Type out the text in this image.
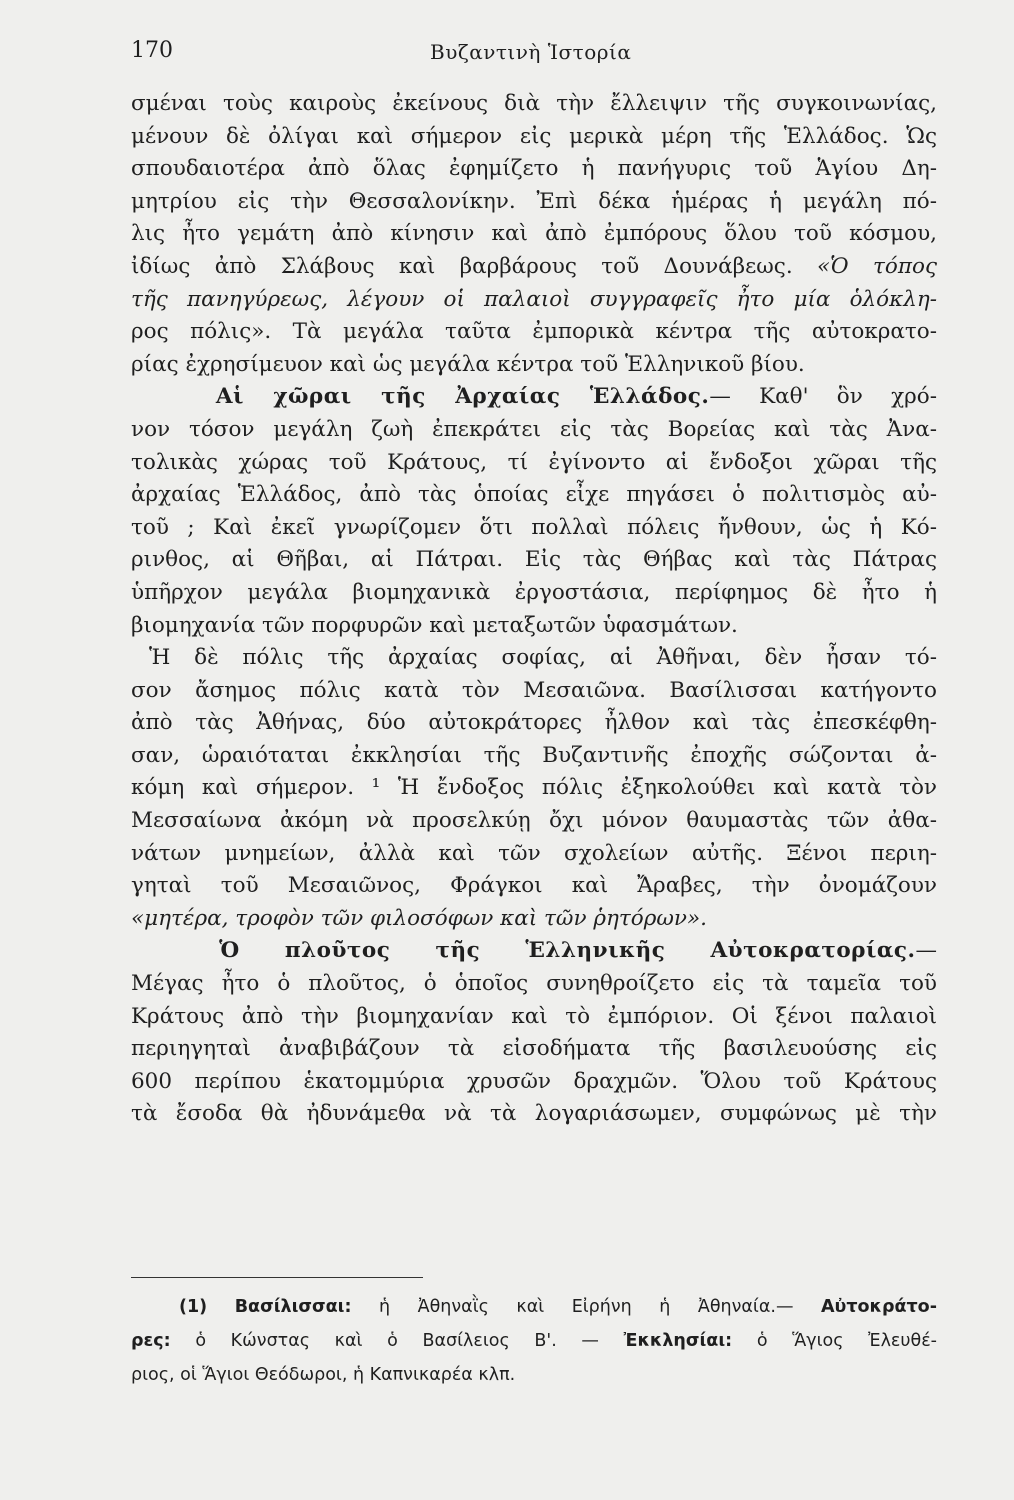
170	Βυζαντινὴ Ἱστορία
σμέναι τοὺς καιροὺς ἐκείνους διὰ τὴν ἔλλειψιν τῆς συγκοινωνίας,
μένουν δὲ ὀλίγαι καὶ σήμερον εἰς μερικὰ μέρη τῆς Ἑλλάδος. Ὡς
σπουδαιοτέρα ἀπὸ ὅλας ἐφημίζετο ἡ πανήγυρις τοῦ Ἁγίου Δη-
μητρίου εἰς τὴν Θεσσαλονίκην. Ἐπὶ δέκα ἡμέρας ἡ μεγάλη πό-
λις ἦτο γεμάτη ἀπὸ κίνησιν καὶ ἀπὸ ἐμπόρους ὅλου τοῦ κόσμου,
ἰδίως ἀπὸ Σλάβους καὶ βαρβάρους τοῦ Δουνάβεως. «Ὁ τόπος
τῆς πανηγύρεως, λέγουν οἱ παλαιοὶ συγγραφεῖς ἦτο μία ὁλόκλη-
ρος πόλις». Τὰ μεγάλα ταῦτα ἐμπορικὰ κέντρα τῆς αὐτοκρατο-
ρίας ἐχρησίμευον καὶ ὡς μεγάλα κέντρα τοῦ Ἑλληνικοῦ βίου.
Αἱ χῶραι τῆς Ἀρχαίας Ἑλλάδος.— Καθ' ὃν χρό-
νον τόσον μεγάλη ζωὴ ἐπεκράτει εἰς τὰς Βορείας καὶ τὰς Ἀνα-
τολικὰς χώρας τοῦ Κράτους, τί ἐγίνοντο αἱ ἔνδοξοι χῶραι τῆς
ἀρχαίας Ἑλλάδος, ἀπὸ τὰς ὁποίας εἶχε πηγάσει ὁ πολιτισμὸς αὐ-
τοῦ ; Καὶ ἐκεῖ γνωρίζομεν ὅτι πολλαὶ πόλεις ἤνθουν, ὡς ἡ Κό-
ρινθος, αἱ Θῆβαι, αἱ Πάτραι. Εἰς τὰς Θήβας καὶ τὰς Πάτρας
ὑπῆρχον μεγάλα βιομηχανικὰ ἐργοστάσια, περίφημος δὲ ἦτο ἡ
βιομηχανία τῶν πορφυρῶν καὶ μεταξωτῶν ὑφασμάτων.
Ἡ δὲ πόλις τῆς ἀρχαίας σοφίας, αἱ Ἀθῆναι, δὲν ἦσαν τό-
σον ἄσημος πόλις κατὰ τὸν Μεσαιῶνα. Βασίλισσαι κατήγοντο
ἀπὸ τὰς Ἀθήνας, δύο αὐτοκράτορες ἦλθον καὶ τὰς ἐπεσκέφθη-
σαν, ὡραιόταται ἐκκλησίαι τῆς Βυζαντινῆς ἐποχῆς σώζονται ἀ-
κόμη καὶ σήμερον. ¹ Ἡ ἔνδοξος πόλις ἐξηκολούθει καὶ κατὰ τὸν
Μεσσαίωνα ἀκόμη νὰ προσελκύῃ ὄχι μόνον θαυμαστὰς τῶν ἀθα-
νάτων μνημείων, ἀλλὰ καὶ τῶν σχολείων αὐτῆς. Ξένοι περιη-
γηταὶ τοῦ Μεσαιῶνος, Φράγκοι καὶ Ἄραβες, τὴν ὀνομάζουν
«μητέρα, τροφὸν τῶν φιλοσόφων καὶ τῶν ῥητόρων».
Ὁ πλοῦτος τῆς Ἑλληνικῆς Αὐτοκρατορίας.—
Μέγας ἦτο ὁ πλοῦτος, ὁ ὁποῖος συνηθροίζετο εἰς τὰ ταμεῖα τοῦ
Κράτους ἀπὸ τὴν βιομηχανίαν καὶ τὸ ἐμπόριον. Οἱ ξένοι παλαιοὶ
περιηγηταὶ ἀναβιβάζουν τὰ εἰσοδήματα τῆς βασιλευούσης εἰς
600 περίπου ἑκατομμύρια χρυσῶν δραχμῶν. Ὅλου τοῦ Κράτους
τὰ ἔσοδα θὰ ἠδυνάμεθα νὰ τὰ λογαριάσωμεν, συμφώνως μὲ τὴν
(1) Βασίλισσαι: ἡ Ἀθηναῒς καὶ Εἰρήνη ἡ Ἀθηναία.— Αὐτοκράτο-
ρες: ὁ Κώνστας καὶ ὁ Βασίλειος Β'. — Ἐκκλησίαι: ὁ Ἅγιος Ἐλευθέ-
ριος, οἱ Ἅγιοι Θεόδωροι, ἡ Καπνικαρέα κλπ.
